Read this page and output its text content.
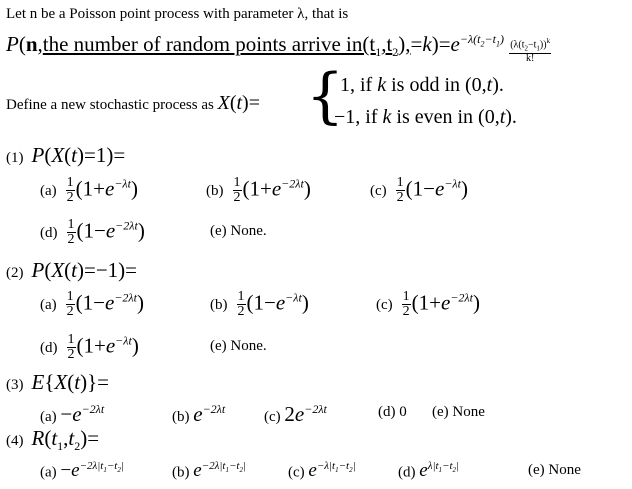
Let n be a Poisson point process with parameter λ, that is
P(n,the number of random points arrive $in(t_1,t_2),=k)=e^{-\lambda(t_2-t_1)} \frac{(\lambda(t_2-t_1))^k}{k!}$
Define a new stochastic process as X(t)= {
1, if k is odd in (0,t).
−1, if k is even in (0,t).
(1) P(X(t)=1)=
$(a) \frac{1}{2} (1+e^{-\lambda t})$	$(b) \frac{1}{2} (1+e^{-2\lambda t})$	$(c) \frac{1}{2} (1-e^{-\lambda t})$
$(d) \frac{1}{2} (1-e^{-2\lambda t})$	(e) None.
(2) P(X(t)=−1)=
$(a) \frac{1}{2} (1-e^{-2\lambda t})$	$(b) \frac{1}{2} (1-e^{-\lambda t})$	$(c) \frac{1}{2} (1+e^{-2\lambda t})$
$(d) \frac{1}{2} (1+e^{-\lambda t})$	(e) None.
(3) E{X(t)}=
$(a) -e^{-2\lambda t}$	(b) $e^{-2\lambda t}$	(c) $2e^{-2\lambda t}$	(d) 0 (e) None
(4) $R(t_1,t_2)=$
$(a) -e^{-2\lambda|t_1-t_2|}$	(b) $e^{-2\lambda|t_1-t_2|}$	(c) $e^{-\lambda|t_1-t_2|}$	(d) $e^{\lambda|t_1-t_2|}$	(e) None
